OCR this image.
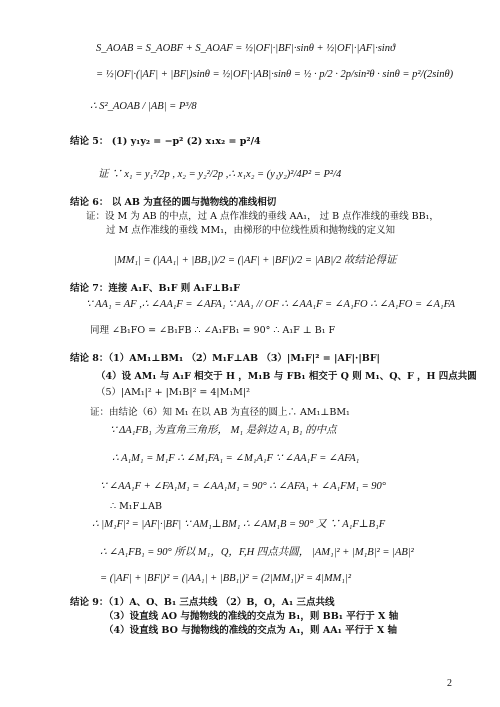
S_AOAB = S_AOBF + S_AOAF = ½|OF|·|BF|·sinθ + ½|OF|·|AF|·sinϑ
= ½|OF|·(|AF| + |BF|)sinθ = ½|OF|·|AB|·sinθ = ½ · p/2 · 2p/sin²θ · sinθ = p²/(2sinθ)
∴ S²_AOAB / |AB| = P³/8
结论 5： (1) y₁y₂ = −p² (2) x₁x₂ = p²/4
证 ∵ x₁ = y₁²/2p , x₂ = y₂²/2p ,∴ x₁x₂ = (y₁y₂)²/4P² = P²/4
结论 6： 以 AB 为直径的圆与抛物线的准线相切
证：设 M 为 AB 的中点，过 A 点作准线的垂线 AA₁， 过 B 点作准线的垂线 BB₁，
过 M 点作准线的垂线 MM₁，由梯形的中位线性质和抛物线的定义知
|MM₁| = (|AA₁| + |BB₁|)/2 = (|AF| + |BF|)/2 = |AB|/2 故结论得证
结论 7：连接 A₁F、B₁F 则 A₁F⊥B₁F
∵ AA₁ = AF ,∴ ∠AA₁F = ∠AFA₁ ∵ AA₁ // OF ∴ ∠AA₁F = ∠A₁FO ∴ ∠A₁FO = ∠A₁FA
同理 ∠B₁FO = ∠B₁FB ∴ ∠A₁FB₁ = 90° ∴ A₁F ⊥ B₁ F
结论 8：（1）AM₁⊥BM₁ （2）M₁F⊥AB （3）|M₁F|² = |AF|·|BF|
（4）设 AM₁ 与 A₁F 相交于 H ，M₁B 与 FB₁ 相交于 Q 则 M₁、Q、F ，H 四点共圆
（5）|AM₁|² + |M₁B|² = 4|M₁M|²
证：由结论（6）知 M₁ 在以 AB 为直径的圆上∴ AM₁⊥BM₁
∵ ΔA₁FB₁ 为直角三角形， M₁ 是斜边 A₁ B₁ 的中点
∴ A₁M₁ = M₁F ∴ ∠M₁FA₁ = ∠M₁A₁F ∵ ∠AA₁F = ∠AFA₁
∵ ∠AA₁F + ∠FA₁M₁ = ∠AA₁M₁ = 90° ∴ ∠AFA₁ + ∠A₁FM₁ = 90°
∴ M₁F⊥AB
∴ |M₁F|² = |AF|·|BF| ∵ AM₁⊥BM₁ ∴ ∠AM₁B = 90° 又 ∵ A₁F⊥B₁F
∴ ∠A₁FB₁ = 90° 所以 M₁，Q，F,H 四点共圆， |AM₁|² + |M₁B|² = |AB|²
= (|AF| + |BF|)² = (|AA₁| + |BB₁|)² = (2|MM₁|)² = 4|MM₁|²
结论 9：（1）A、O、B₁ 三点共线 （2）B，O，A₁ 三点共线
（3）设直线 AO 与抛物线的准线的交点为 B₁，则 BB₁ 平行于 X 轴
（4）设直线 BO 与抛物线的准线的交点为 A₁，则 AA₁ 平行于 X 轴
2
